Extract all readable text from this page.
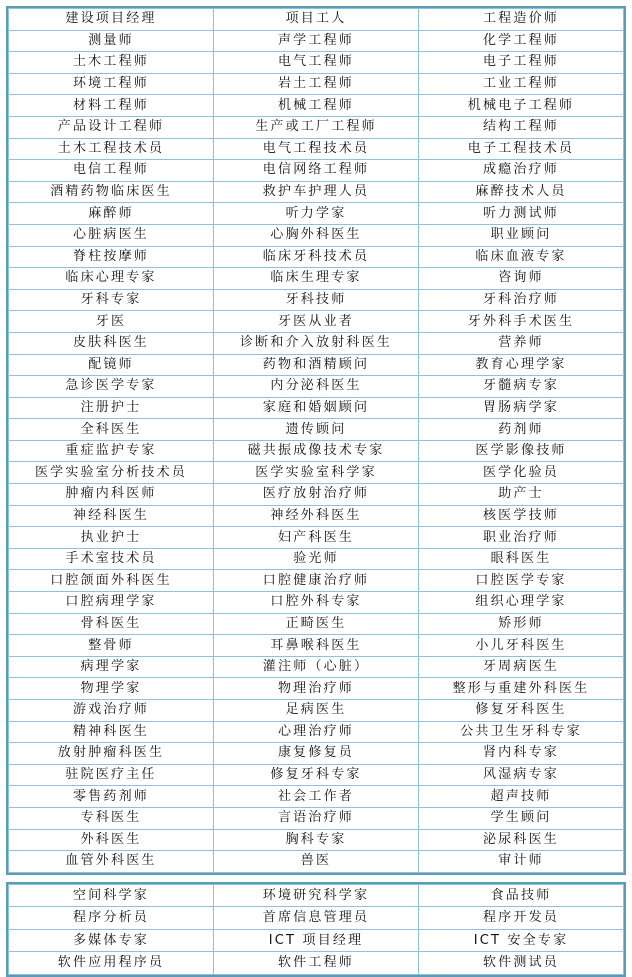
建设项目经理	项目工人	工程造价师
测量师	声学工程师	化学工程师
土木工程师	电气工程师	电子工程师
环境工程师	岩土工程师	工业工程师
材料工程师	机械工程师	机械电子工程师
产品设计工程师	生产或工厂工程师	结构工程师
土木工程技术员	电气工程技术员	电子工程技术员
电信工程师	电信网络工程师	成瘾治疗师
酒精药物临床医生	救护车护理人员	麻醉技术人员
麻醉师	听力学家	听力测试师
心脏病医生	心胸外科医生	职业顾问
脊柱按摩师	临床牙科技术员	临床血液专家
临床心理专家	临床生理专家	咨询师
牙科专家	牙科技师	牙科治疗师
牙医	牙医从业者	牙外科手术医生
皮肤科医生	诊断和介入放射科医生	营养师
配镜师	药物和酒精顾问	教育心理学家
急诊医学专家	内分泌科医生	牙髓病专家
注册护士	家庭和婚姻顾问	胃肠病学家
全科医生	遗传顾问	药剂师
重症监护专家	磁共振成像技术专家	医学影像技师
医学实验室分析技术员	医学实验室科学家	医学化验员
肿瘤内科医师	医疗放射治疗师	助产士
神经科医生	神经外科医生	核医学技师
执业护士	妇产科医生	职业治疗师
手术室技术员	验光师	眼科医生
口腔颌面外科医生	口腔健康治疗师	口腔医学专家
口腔病理学家	口腔外科专家	组织心理学家
骨科医生	正畸医生	矫形师
整骨师	耳鼻喉科医生	小儿牙科医生
病理学家	灌注师（心脏）	牙周病医生
物理学家	物理治疗师	整形与重建外科医生
游戏治疗师	足病医生	修复牙科医生
精神科医生	心理治疗师	公共卫生牙科专家
放射肿瘤科医生	康复修复员	肾内科专家
驻院医疗主任	修复牙科专家	风湿病专家
零售药剂师	社会工作者	超声技师
专科医生	言语治疗师	学生顾问
外科医生	胸科专家	泌尿科医生
血管外科医生	兽医	审计师
空间科学家	环境研究科学家	食品技师
程序分析员	首席信息管理员	程序开发员
多媒体专家	ICT 项目经理	ICT 安全专家
软件应用程序员	软件工程师	软件测试员
